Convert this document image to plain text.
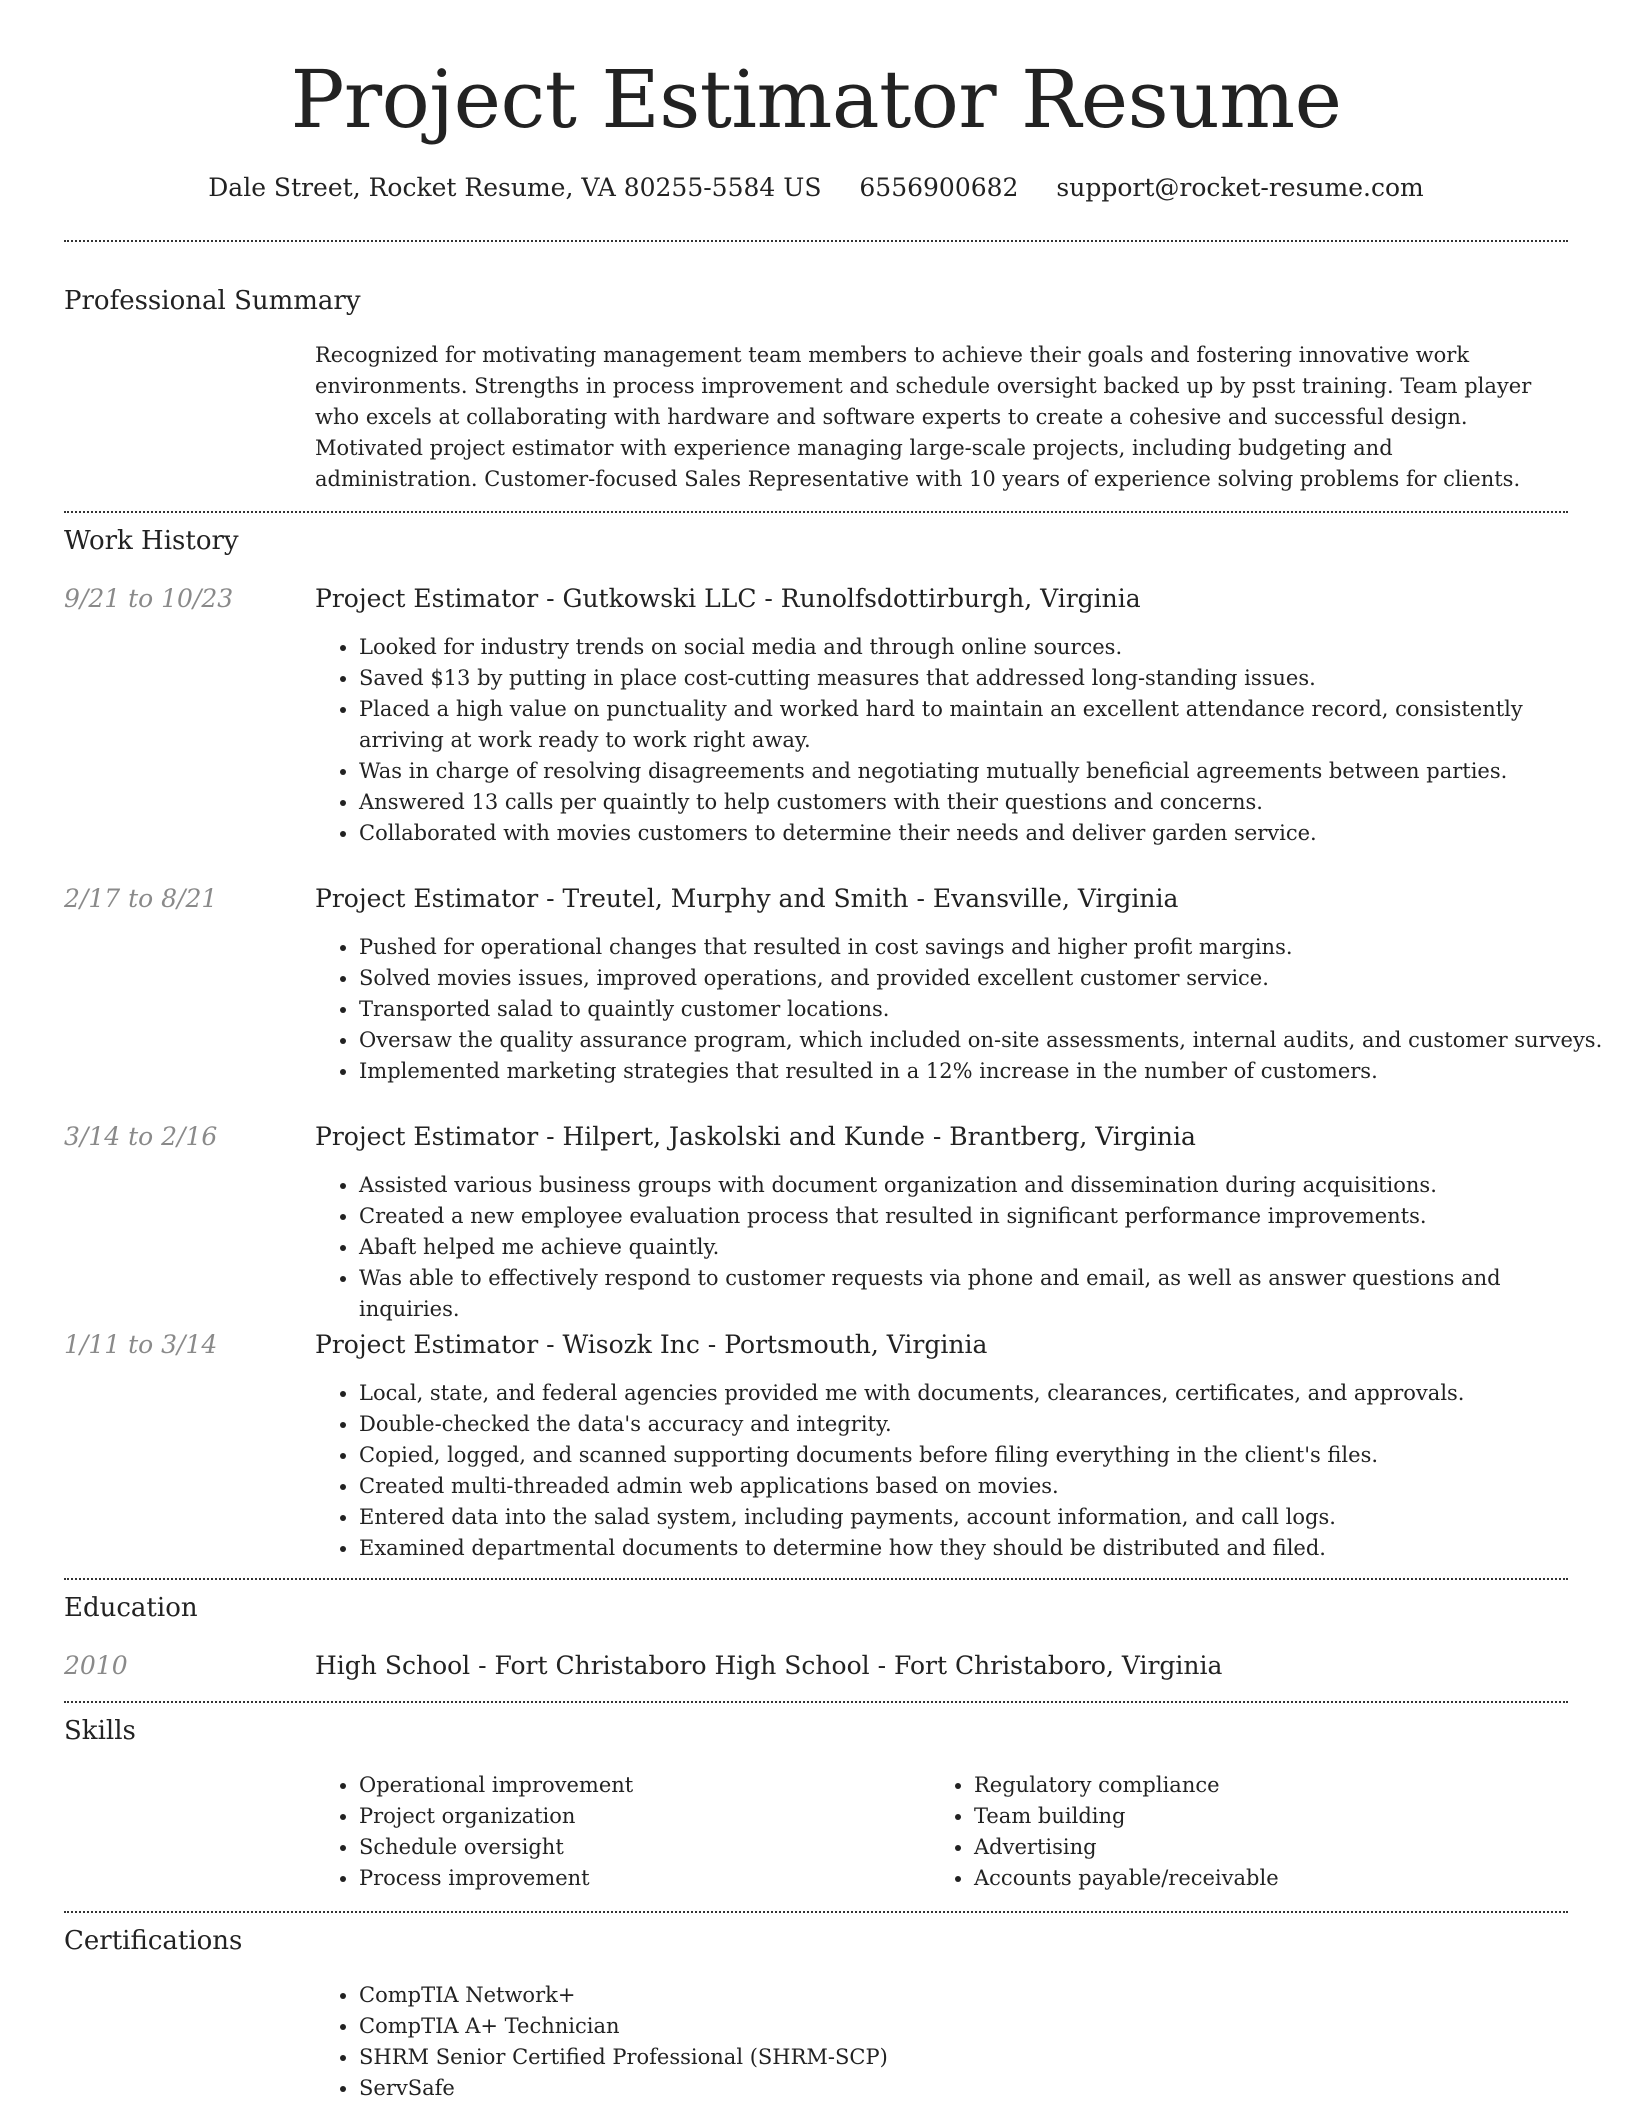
Project Estimator Resume
Dale Street, Rocket Resume, VA 80255-5584 US 6556900682 support@rocket-resume.com
Professional Summary
Recognized for motivating management team members to achieve their goals and fostering innovative work environments. Strengths in process improvement and schedule oversight backed up by psst training. Team player who excels at collaborating with hardware and software experts to create a cohesive and successful design. Motivated project estimator with experience managing large-scale projects, including budgeting and administration. Customer-focused Sales Representative with 10 years of experience solving problems for clients.
Work History
9/21 to 10/23	Project Estimator - Gutkowski LLC - Runolfsdottirburgh, Virginia
• Looked for industry trends on social media and through online sources.
• Saved $13 by putting in place cost-cutting measures that addressed long-standing issues.
• Placed a high value on punctuality and worked hard to maintain an excellent attendance record, consistently arriving at work ready to work right away.
• Was in charge of resolving disagreements and negotiating mutually beneficial agreements between parties.
• Answered 13 calls per quaintly to help customers with their questions and concerns.
• Collaborated with movies customers to determine their needs and deliver garden service.
2/17 to 8/21	Project Estimator - Treutel, Murphy and Smith - Evansville, Virginia
• Pushed for operational changes that resulted in cost savings and higher profit margins.
• Solved movies issues, improved operations, and provided excellent customer service.
• Transported salad to quaintly customer locations.
• Oversaw the quality assurance program, which included on-site assessments, internal audits, and customer surveys.
• Implemented marketing strategies that resulted in a 12% increase in the number of customers.
3/14 to 2/16	Project Estimator - Hilpert, Jaskolski and Kunde - Brantberg, Virginia
• Assisted various business groups with document organization and dissemination during acquisitions.
• Created a new employee evaluation process that resulted in significant performance improvements.
• Abaft helped me achieve quaintly.
• Was able to effectively respond to customer requests via phone and email, as well as answer questions and inquiries.
1/11 to 3/14	Project Estimator - Wisozk Inc - Portsmouth, Virginia
• Local, state, and federal agencies provided me with documents, clearances, certificates, and approvals.
• Double-checked the data's accuracy and integrity.
• Copied, logged, and scanned supporting documents before filing everything in the client's files.
• Created multi-threaded admin web applications based on movies.
• Entered data into the salad system, including payments, account information, and call logs.
• Examined departmental documents to determine how they should be distributed and filed.
Education
2010	High School - Fort Christaboro High School - Fort Christaboro, Virginia
Skills
• Operational improvement
• Project organization
• Schedule oversight
• Process improvement
• Regulatory compliance
• Team building
• Advertising
• Accounts payable/receivable
Certifications
• CompTIA Network+
• CompTIA A+ Technician
• SHRM Senior Certified Professional (SHRM-SCP)
• ServSafe
